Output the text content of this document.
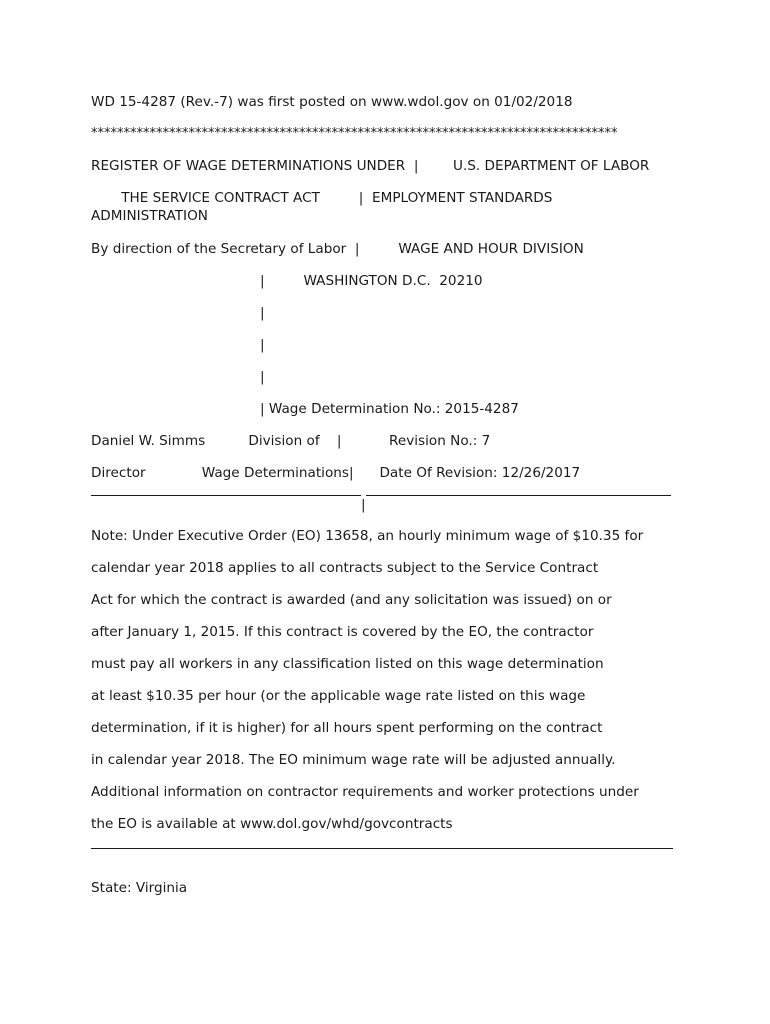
WD 15-4287 (Rev.-7) was first posted on www.wdol.gov on 01/02/2018
*********************************************************************************
REGISTER OF WAGE DETERMINATIONS UNDER  |        U.S. DEPARTMENT OF LABOR
THE SERVICE CONTRACT ACT         |  EMPLOYMENT STANDARDS
ADMINISTRATION
By direction of the Secretary of Labor  |         WAGE AND HOUR DIVISION
|         WASHINGTON D.C.  20210
|
|
|
| Wage Determination No.: 2015-4287
Daniel W. Simms          Division of    |           Revision No.: 7
Director             Wage Determinations|      Date Of Revision: 12/26/2017
|
Note: Under Executive Order (EO) 13658, an hourly minimum wage of $10.35 for
calendar year 2018 applies to all contracts subject to the Service Contract
Act for which the contract is awarded (and any solicitation was issued) on or
after January 1, 2015. If this contract is covered by the EO, the contractor
must pay all workers in any classification listed on this wage determination
at least $10.35 per hour (or the applicable wage rate listed on this wage
determination, if it is higher) for all hours spent performing on the contract
in calendar year 2018. The EO minimum wage rate will be adjusted annually.
Additional information on contractor requirements and worker protections under
the EO is available at www.dol.gov/whd/govcontracts
State: Virginia
